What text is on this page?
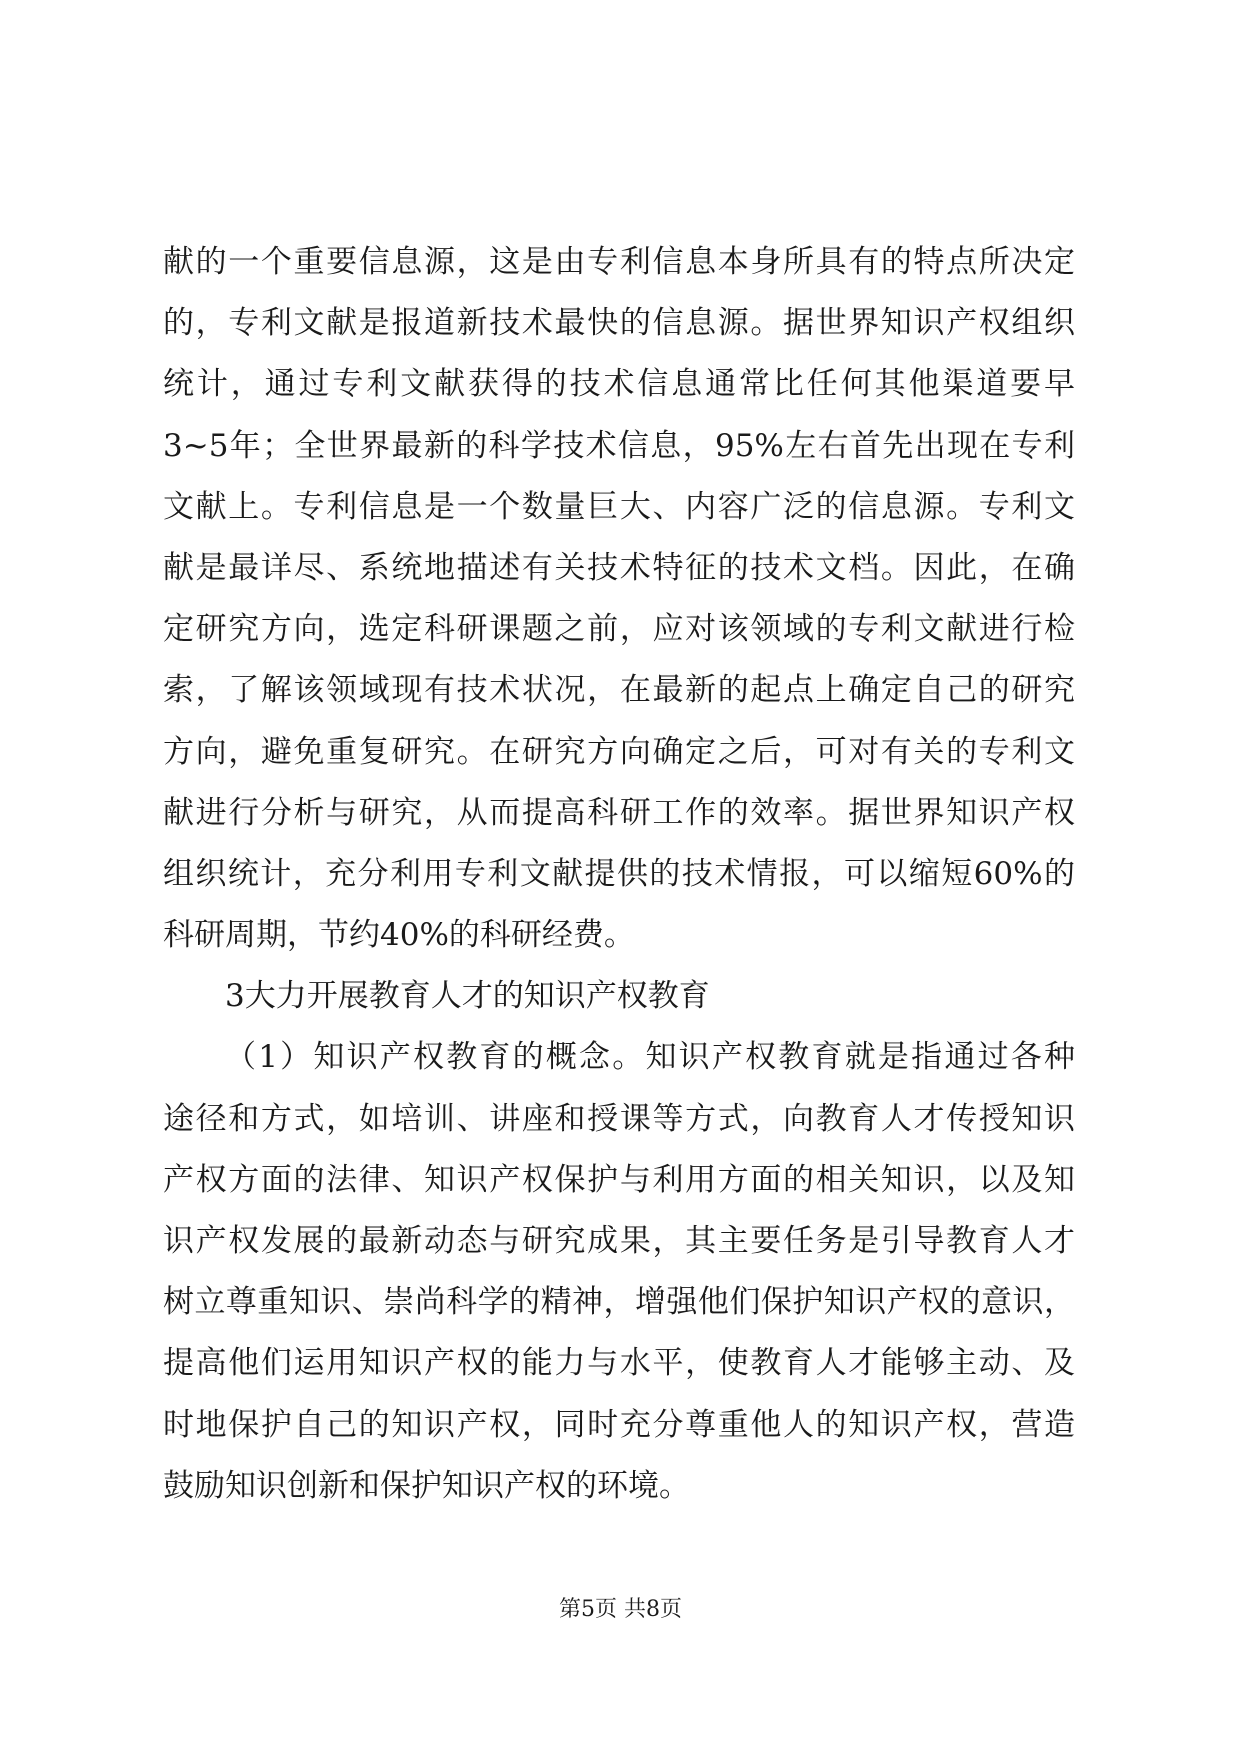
献的一个重要信息源，这是由专利信息本身所具有的特点所决定
的，专利文献是报道新技术最快的信息源。据世界知识产权组织
统计，通过专利文献获得的技术信息通常比任何其他渠道要早
3~5年；全世界最新的科学技术信息，95%左右首先出现在专利
文献上。专利信息是一个数量巨大、内容广泛的信息源。专利文
献是最详尽、系统地描述有关技术特征的技术文档。因此，在确
定研究方向，选定科研课题之前，应对该领域的专利文献进行检
索，了解该领域现有技术状况，在最新的起点上确定自己的研究
方向，避免重复研究。在研究方向确定之后，可对有关的专利文
献进行分析与研究，从而提高科研工作的效率。据世界知识产权
组织统计，充分利用专利文献提供的技术情报，可以缩短60%的
科研周期，节约40%的科研经费。
3大力开展教育人才的知识产权教育
（1）知识产权教育的概念。知识产权教育就是指通过各种
途径和方式，如培训、讲座和授课等方式，向教育人才传授知识
产权方面的法律、知识产权保护与利用方面的相关知识，以及知
识产权发展的最新动态与研究成果，其主要任务是引导教育人才
树立尊重知识、崇尚科学的精神，增强他们保护知识产权的意识，
提高他们运用知识产权的能力与水平，使教育人才能够主动、及
时地保护自己的知识产权，同时充分尊重他人的知识产权，营造
鼓励知识创新和保护知识产权的环境。
第5页 共8页
